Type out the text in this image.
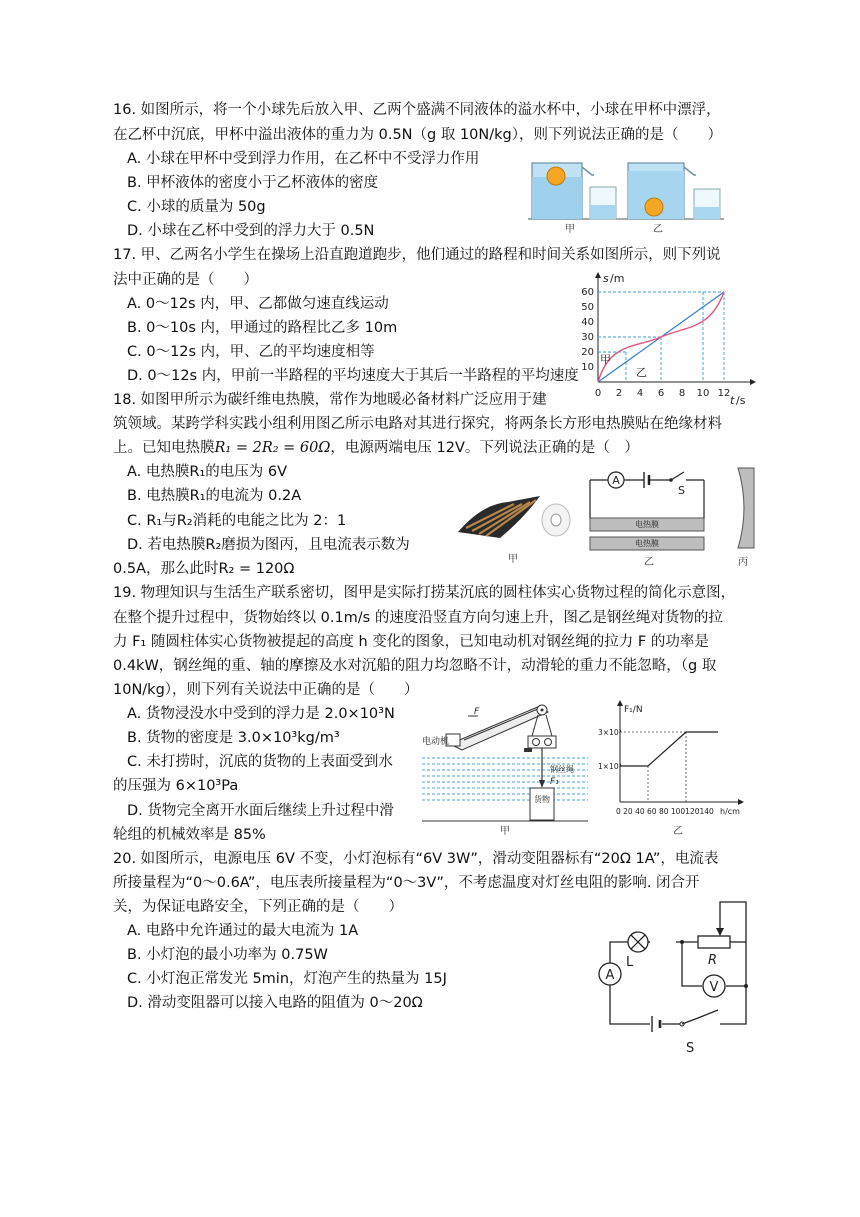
16. 如图所示，将一个小球先后放入甲、乙两个盛满不同液体的溢水杯中，小球在甲杯中漂浮，
在乙杯中沉底，甲杯中溢出液体的重力为 0.5N（g 取 10N/kg），则下列说法正确的是（　　）
A. 小球在甲杯中受到浮力作用，在乙杯中不受浮力作用
B. 甲杯液体的密度小于乙杯液体的密度
C. 小球的质量为 50g
D. 小球在乙杯中受到的浮力大于 0.5N	甲	乙
17. 甲、乙两名小学生在操场上沿直跑道跑步，他们通过的路程和时间关系如图所示，则下列说
法中正确的是（　　）
A. 0～12s 内，甲、乙都做匀速直线运动
B. 0～10s 内，甲通过的路程比乙多 10m
C. 0～12s 内，甲、乙的平均速度相等
D. 0～12s 内，甲前一半路程的平均速度大于其后一半路程的平均速度
60
50
40
30
20
10
0 2 4 6 8 10 12
s /m
t /s
甲
乙
18. 如图甲所示为碳纤维电热膜，常作为地暖必备材料广泛应用于建
筑领域。某跨学科实践小组利用图乙所示电路对其进行探究，将两条长方形电热膜贴在绝缘材料
上。已知电热膜R₁ = 2R₂ = 60Ω，电源两端电压 12V。下列说法正确的是（　）
A. 电热膜R₁的电压为 6V
B. 电热膜R₁的电流为 0.2A
C. R₁与R₂消耗的电能之比为 2：1
D. 若电热膜R₂磨损为图丙，且电流表示数为
0.5A，那么此时R₂ = 120Ω
甲
A
S
电热膜
电热膜
乙	丙
19. 物理知识与生活生产联系密切，图甲是实际打捞某沉底的圆柱体实心货物过程的简化示意图，
在整个提升过程中，货物始终以 0.1m/s 的速度沿竖直方向匀速上升，图乙是钢丝绳对货物的拉
力 F₁ 随圆柱体实心货物被提起的高度 h 变化的图象，已知电动机对钢丝绳的拉力 F 的功率是
0.4kW，钢丝绳的重、轴的摩擦及水对沉船的阻力均忽略不计，动滑轮的重力不能忽略，（g 取
10N/kg），则下列有关说法中正确的是（　　）
A. 货物浸没水中受到的浮力是 2.0×10³N
B. 货物的密度是 3.0×10³kg/m³
C. 未打捞时，沉底的货物的上表面受到水
的压强为 6×10³Pa
D. 货物完全离开水面后继续上升过程中滑
轮组的机械效率是 85%
电动机
F
钢丝绳
F₁
货物
甲
F₁/N
3×10³
1×10³
0 20 40 60 80 100120140 h/cm
乙
20. 如图所示，电源电压 6V 不变，小灯泡标有“6V 3W”，滑动变阻器标有“20Ω 1A”，电流表
所接量程为“0～0.6A”，电压表所接量程为“0～3V”，不考虑温度对灯丝电阻的影响. 闭合开
关，为保证电路安全，下列正确的是（　　）
A. 电路中允许通过的最大电流为 1A
B. 小灯泡的最小功率为 0.75W
C. 小灯泡正常发光 5min，灯泡产生的热量为 15J
D. 滑动变阻器可以接入电路的阻值为 0～20Ω
L	R
A
V
S
